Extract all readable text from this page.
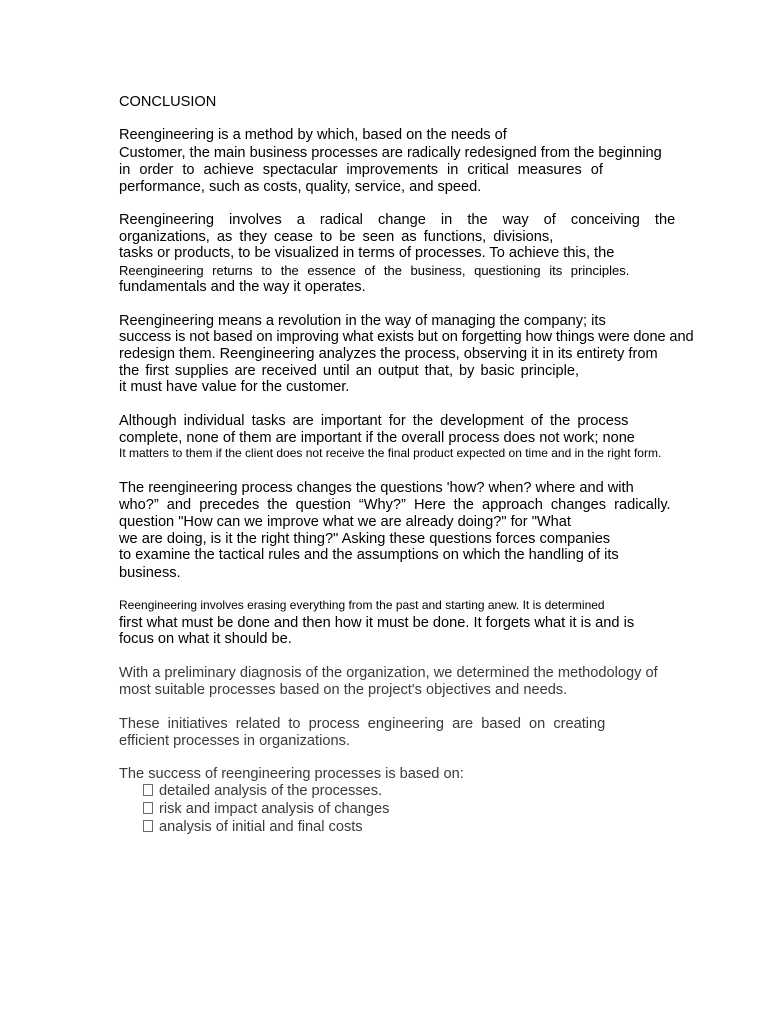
CONCLUSION
Reengineering is a method by which, based on the needs of
Customer, the main business processes are radically redesigned from the beginning
in order to achieve spectacular improvements in critical measures of
performance, such as costs, quality, service, and speed.
Reengineering involves a radical change in the way of conceiving the
organizations, as they cease to be seen as functions, divisions,
tasks or products, to be visualized in terms of processes. To achieve this, the
Reengineering returns to the essence of the business, questioning its principles.
fundamentals and the way it operates.
Reengineering means a revolution in the way of managing the company; its
success is not based on improving what exists but on forgetting how things were done and
redesign them. Reengineering analyzes the process, observing it in its entirety from
the first supplies are received until an output that, by basic principle,
it must have value for the customer.
Although individual tasks are important for the development of the process
complete, none of them are important if the overall process does not work; none
It matters to them if the client does not receive the final product expected on time and in the right form.
The reengineering process changes the questions 'how? when? where and with
who?” and precedes the question “Why?” Here the approach changes radically.
question "How can we improve what we are already doing?" for "What
we are doing, is it the right thing?" Asking these questions forces companies
to examine the tactical rules and the assumptions on which the handling of its
business.
Reengineering involves erasing everything from the past and starting anew. It is determined
first what must be done and then how it must be done. It forgets what it is and is
focus on what it should be.
With a preliminary diagnosis of the organization, we determined the methodology of
most suitable processes based on the project's objectives and needs.
These initiatives related to process engineering are based on creating
efficient processes in organizations.
The success of reengineering processes is based on:
detailed analysis of the processes.
risk and impact analysis of changes
analysis of initial and final costs
